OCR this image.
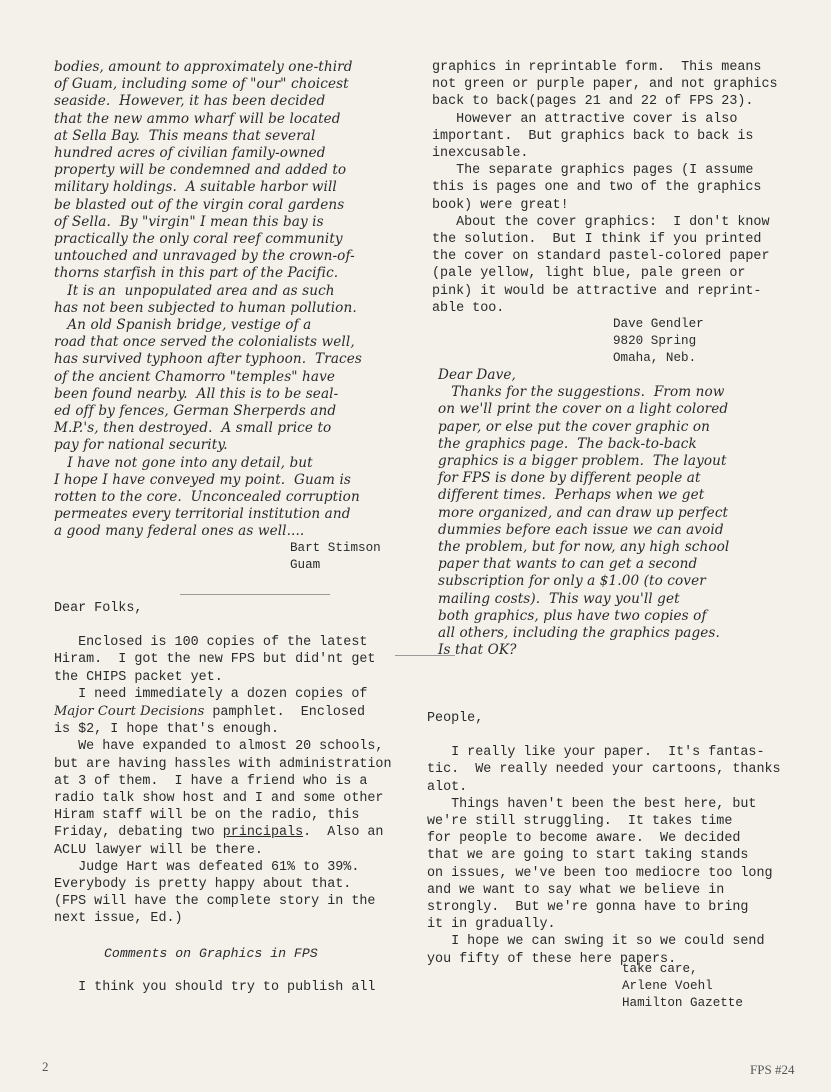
bodies, amount to approximately one-third
of Guam, including some of "our" choicest
seaside.  However, it has been decided
that the new ammo wharf will be located
at Sella Bay.  This means that several
hundred acres of civilian family-owned
property will be condemned and added to
military holdings.  A suitable harbor will
be blasted out of the virgin coral gardens
of Sella.  By "virgin" I mean this bay is
practically the only coral reef community
untouched and unravaged by the crown-of-
thorns starfish in this part of the Pacific.
It is an  unpopulated area and as such
has not been subjected to human pollution.
An old Spanish bridge, vestige of a
road that once served the colonialists well,
has survived typhoon after typhoon.  Traces
of the ancient Chamorro "temples" have
been found nearby.  All this is to be seal-
ed off by fences, German Sherperds and
M.P.'s, then destroyed.  A small price to
pay for national security.
I have not gone into any detail, but
I hope I have conveyed my point.  Guam is
rotten to the core.  Unconcealed corruption
permeates every territorial institution and
a good many federal ones as well....
Bart Stimson
Guam
Dear Folks,
Enclosed is 100 copies of the latest
Hiram.  I got the new FPS but did'nt get
the CHIPS packet yet.
I need immediately a dozen copies of
Major Court Decisions pamphlet.  Enclosed
is $2, I hope that's enough.
We have expanded to almost 20 schools,
but are having hassles with administration
at 3 of them.  I have a friend who is a
radio talk show host and I and some other
Hiram staff will be on the radio, this
Friday, debating two principals.  Also an
ACLU lawyer will be there.
Judge Hart was defeated 61% to 39%.
Everybody is pretty happy about that.
(FPS will have the complete story in the
next issue, Ed.)
Comments on Graphics in FPS
I think you should try to publish all
graphics in reprintable form.  This means
not green or purple paper, and not graphics
back to back(pages 21 and 22 of FPS 23).
However an attractive cover is also
important.  But graphics back to back is
inexcusable.
The separate graphics pages (I assume
this is pages one and two of the graphics
book) were great!
About the cover graphics:  I don't know
the solution.  But I think if you printed
the cover on standard pastel-colored paper
(pale yellow, light blue, pale green or
pink) it would be attractive and reprint-
able too.
Dave Gendler
9820 Spring
Omaha, Neb.
Dear Dave,
Thanks for the suggestions.  From now
on we'll print the cover on a light colored
paper, or else put the cover graphic on
the graphics page.  The back-to-back
graphics is a bigger problem.  The layout
for FPS is done by different people at
different times.  Perhaps when we get
more organized, and can draw up perfect
dummies before each issue we can avoid
the problem, but for now, any high school
paper that wants to can get a second
subscription for only a $1.00 (to cover
mailing costs).  This way you'll get
both graphics, plus have two copies of
all others, including the graphics pages.
Is that OK?
People,
I really like your paper.  It's fantas-
tic.  We really needed your cartoons, thanks
alot.
Things haven't been the best here, but
we're still struggling.  It takes time
for people to become aware.  We decided
that we are going to start taking stands
on issues, we've been too mediocre too long
and we want to say what we believe in
strongly.  But we're gonna have to bring
it in gradually.
I hope we can swing it so we could send
you fifty of these here papers.
take care,
Arlene Voehl
Hamilton Gazette
2	FPS #24
